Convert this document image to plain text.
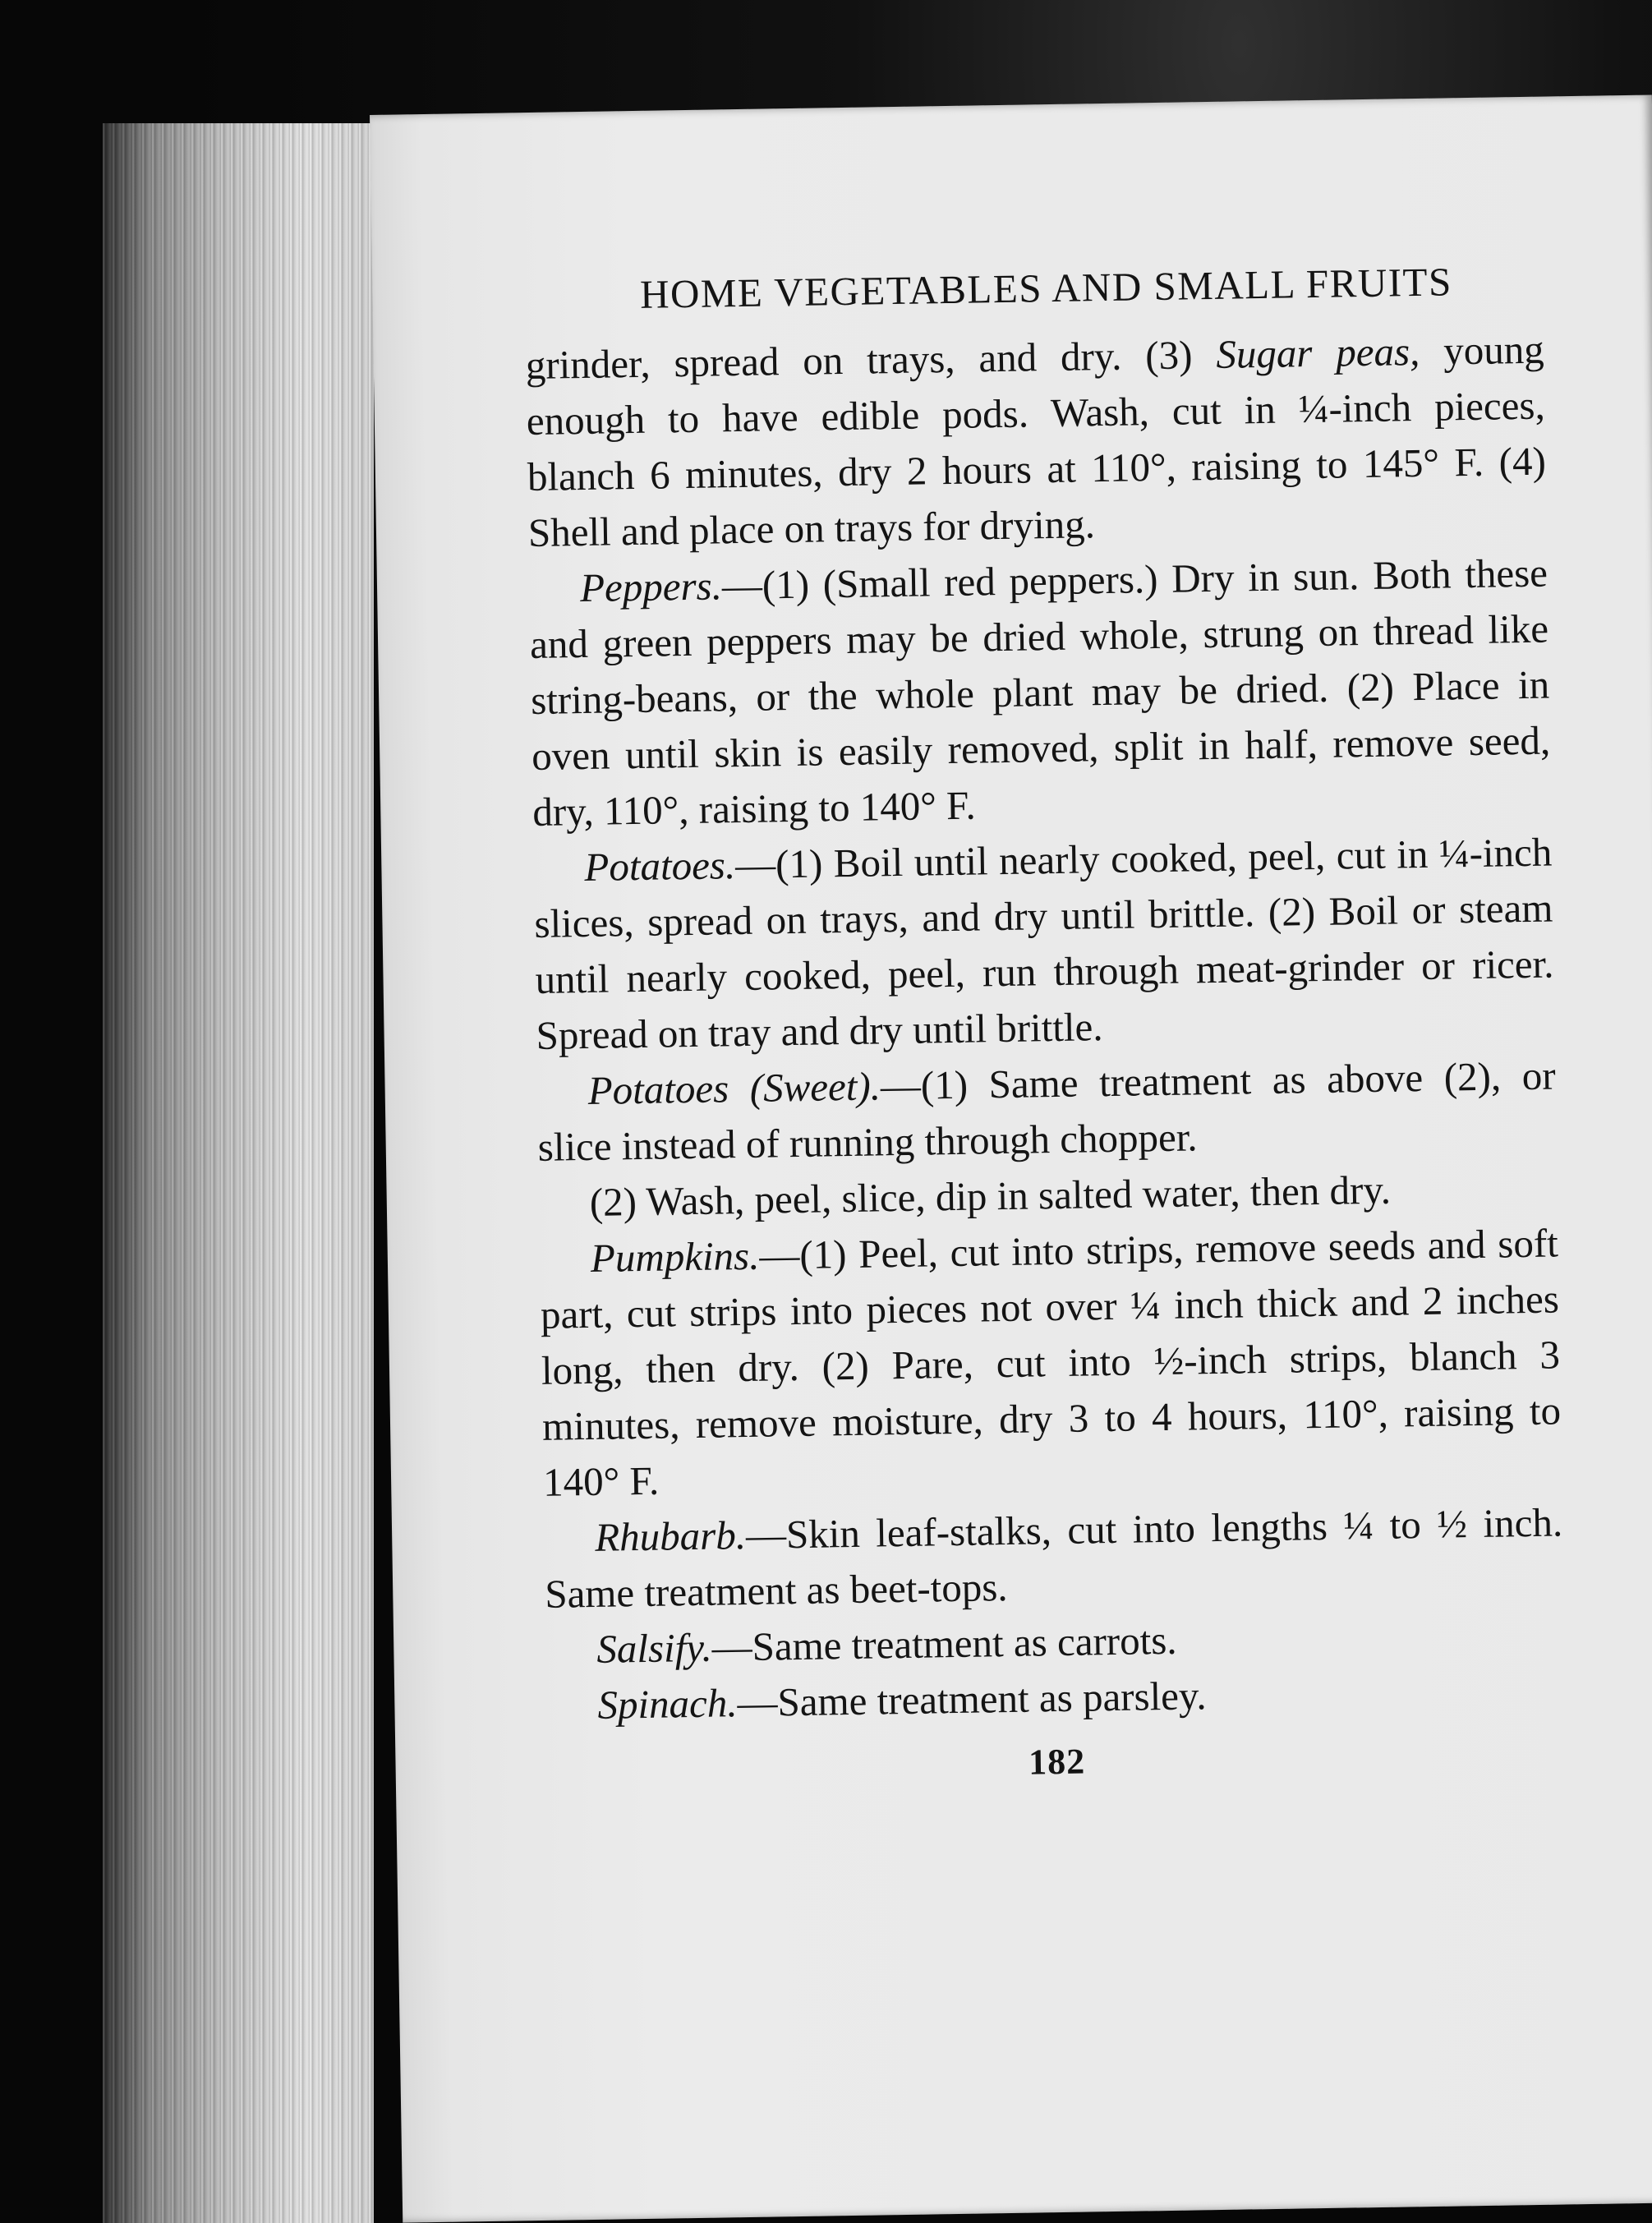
HOME VEGETABLES AND SMALL FRUITS

grinder, spread on trays, and dry. (3) Sugar peas, young enough to have edible pods. Wash, cut in ¼-inch pieces, blanch 6 minutes, dry 2 hours at 110°, raising to 145° F. (4) Shell and place on trays for drying.

Peppers.—(1) (Small red peppers.) Dry in sun. Both these and green peppers may be dried whole, strung on thread like string-beans, or the whole plant may be dried. (2) Place in oven until skin is easily removed, split in half, remove seed, dry, 110°, raising to 140° F.

Potatoes.—(1) Boil until nearly cooked, peel, cut in ¼-inch slices, spread on trays, and dry until brittle. (2) Boil or steam until nearly cooked, peel, run through meat-grinder or ricer. Spread on tray and dry until brittle.

Potatoes (Sweet).—(1) Same treatment as above (2), or slice instead of running through chopper.

(2) Wash, peel, slice, dip in salted water, then dry.

Pumpkins.—(1) Peel, cut into strips, remove seeds and soft part, cut strips into pieces not over ¼ inch thick and 2 inches long, then dry. (2) Pare, cut into ½-inch strips, blanch 3 minutes, remove moisture, dry 3 to 4 hours, 110°, raising to 140° F.

Rhubarb.—Skin leaf-stalks, cut into lengths ¼ to ½ inch. Same treatment as beet-tops.

Salsify.—Same treatment as carrots.

Spinach.—Same treatment as parsley.

182
